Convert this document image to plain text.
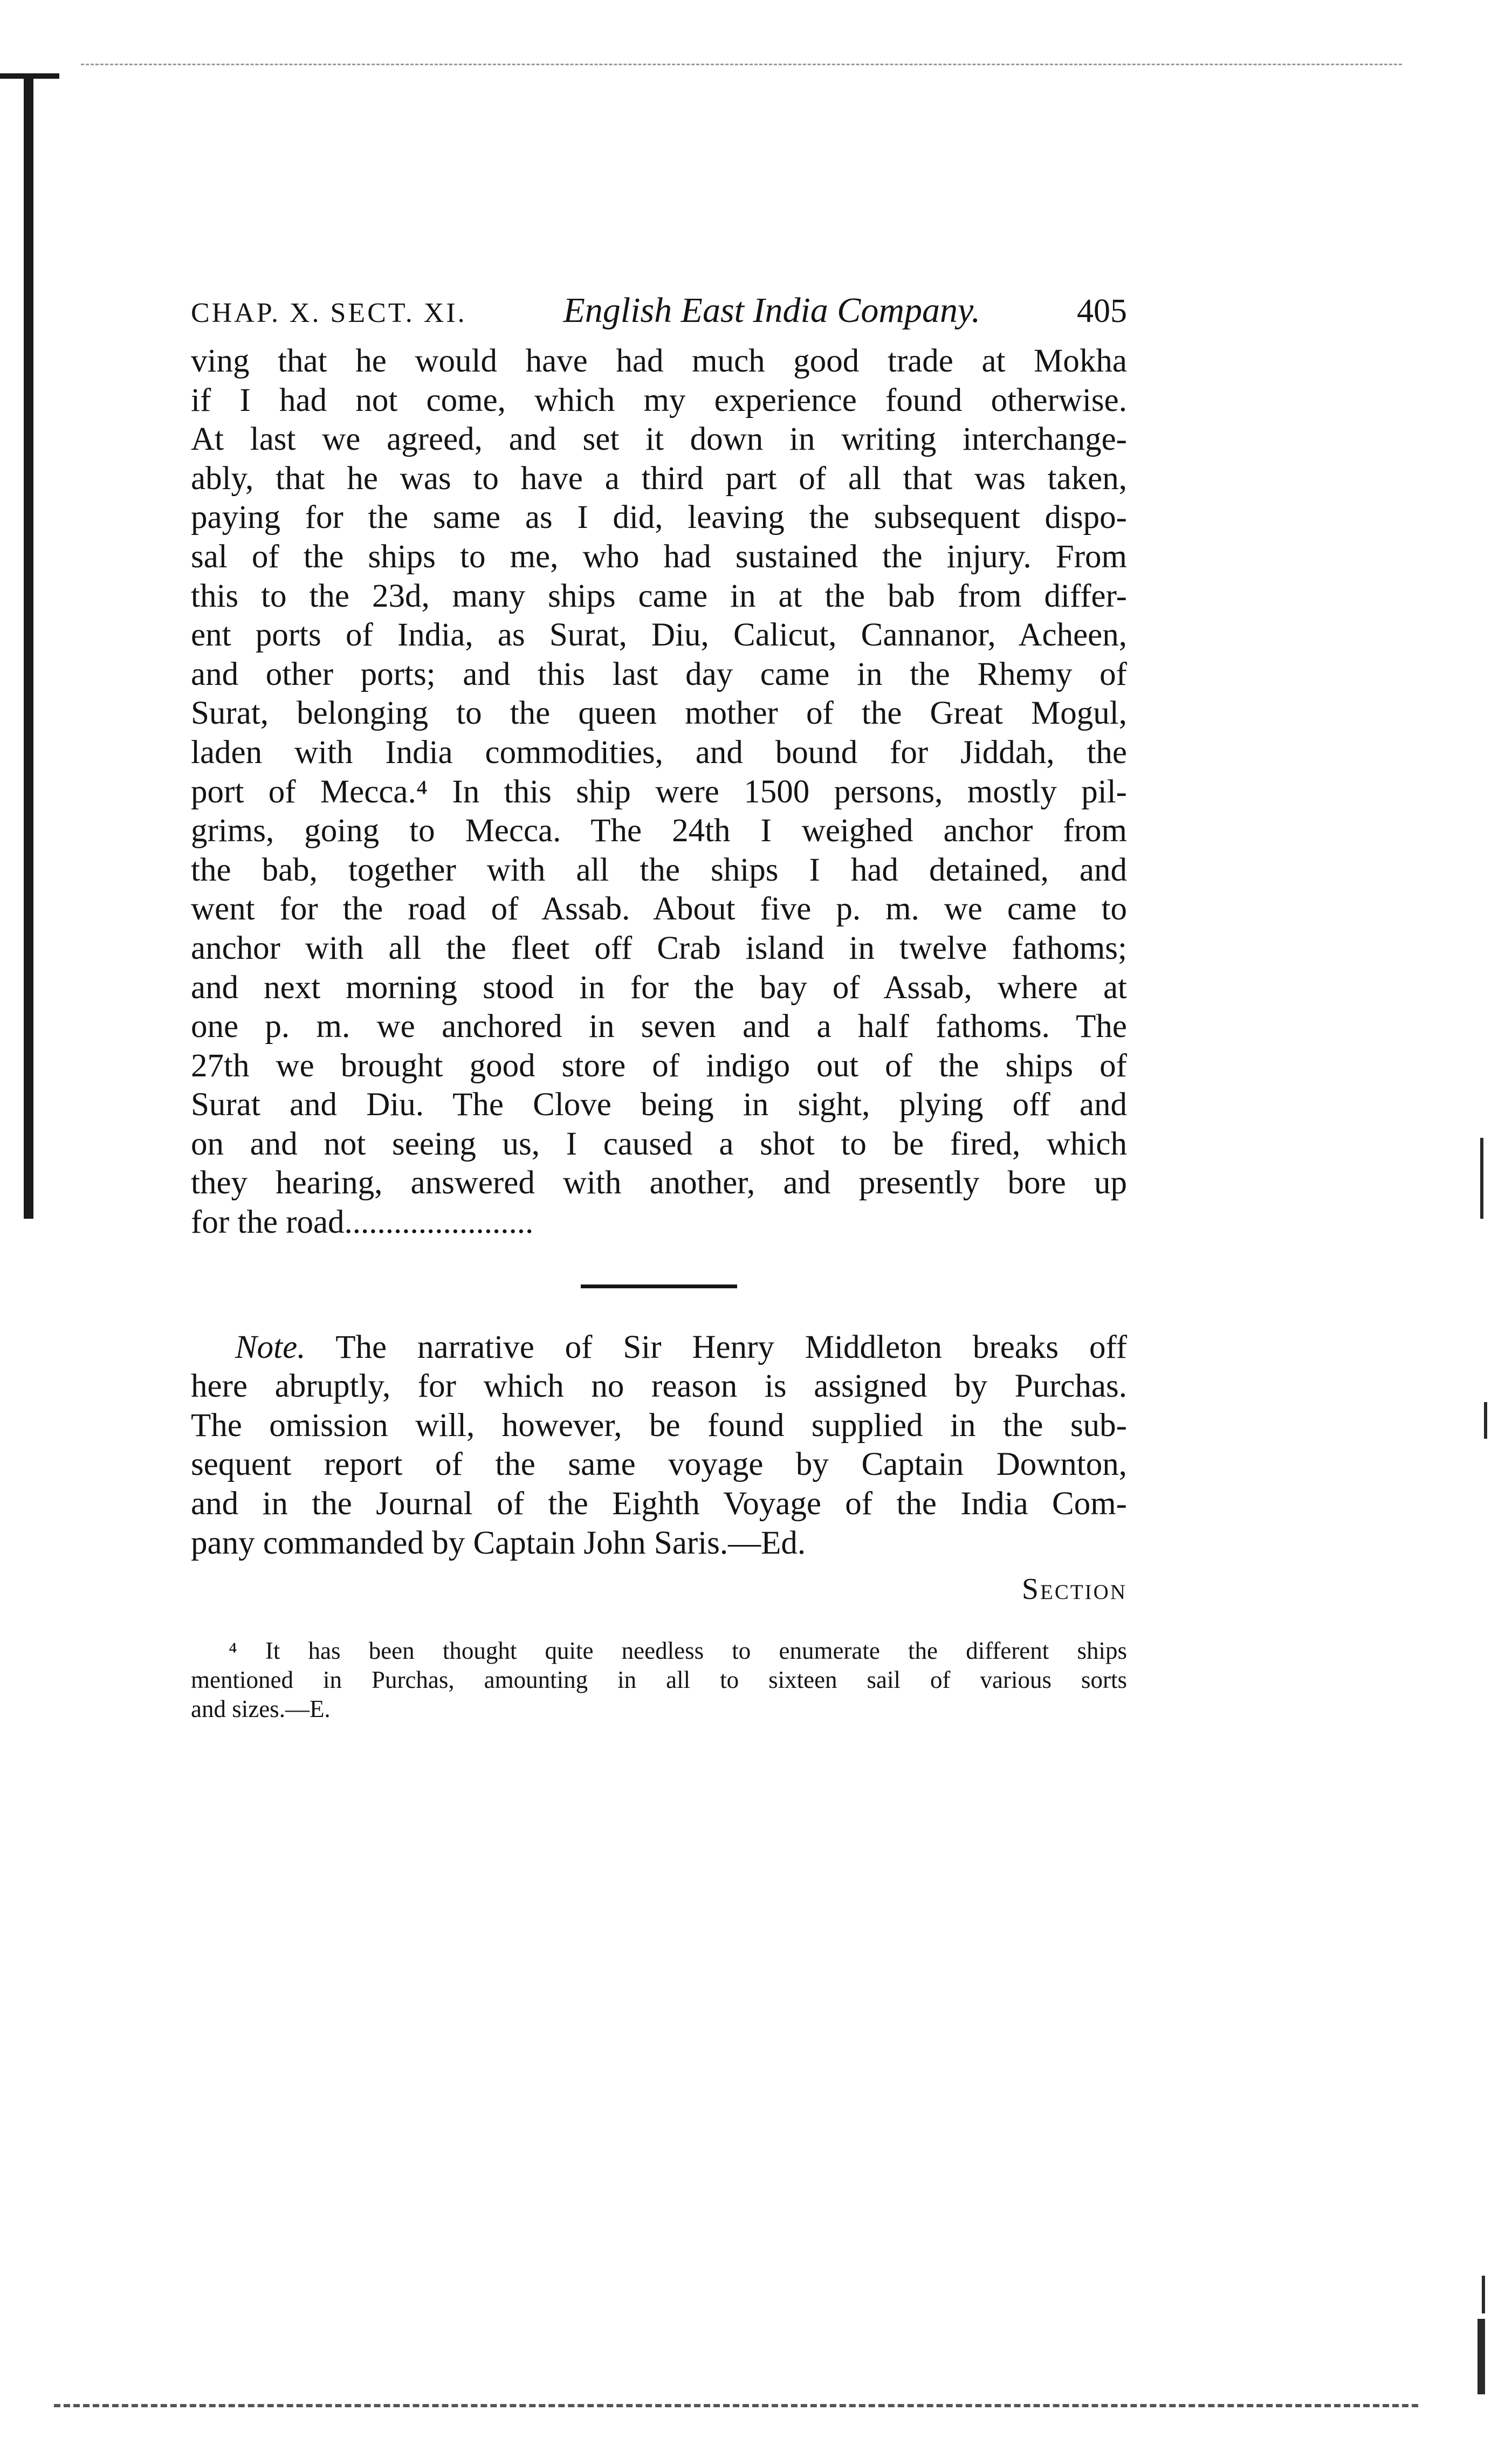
CHAP. X. SECT. XI.	English East India Company.	405
ving that he would have had much good trade at Mokha
if I had not come, which my experience found otherwise.
At last we agreed, and set it down in writing interchange-
ably, that he was to have a third part of all that was taken,
paying for the same as I did, leaving the subsequent dispo-
sal of the ships to me, who had sustained the injury. From
this to the 23d, many ships came in at the bab from differ-
ent ports of India, as Surat, Diu, Calicut, Cannanor, Acheen,
and other ports; and this last day came in the Rhemy of
Surat, belonging to the queen mother of the Great Mogul,
laden with India commodities, and bound for Jiddah, the
port of Mecca.⁴ In this ship were 1500 persons, mostly pil-
grims, going to Mecca. The 24th I weighed anchor from
the bab, together with all the ships I had detained, and
went for the road of Assab. About five p. m. we came to
anchor with all the fleet off Crab island in twelve fathoms;
and next morning stood in for the bay of Assab, where at
one p. m. we anchored in seven and a half fathoms. The
27th we brought good store of indigo out of the ships of
Surat and Diu. The Clove being in sight, plying off and
on and not seeing us, I caused a shot to be fired, which
they hearing, answered with another, and presently bore up
for the road.......................
Note. The narrative of Sir Henry Middleton breaks off
here abruptly, for which no reason is assigned by Purchas.
The omission will, however, be found supplied in the sub-
sequent report of the same voyage by Captain Downton,
and in the Journal of the Eighth Voyage of the India Com-
pany commanded by Captain John Saris.—Ed.
Section
⁴ It has been thought quite needless to enumerate the different ships
mentioned in Purchas, amounting in all to sixteen sail of various sorts
and sizes.—E.
